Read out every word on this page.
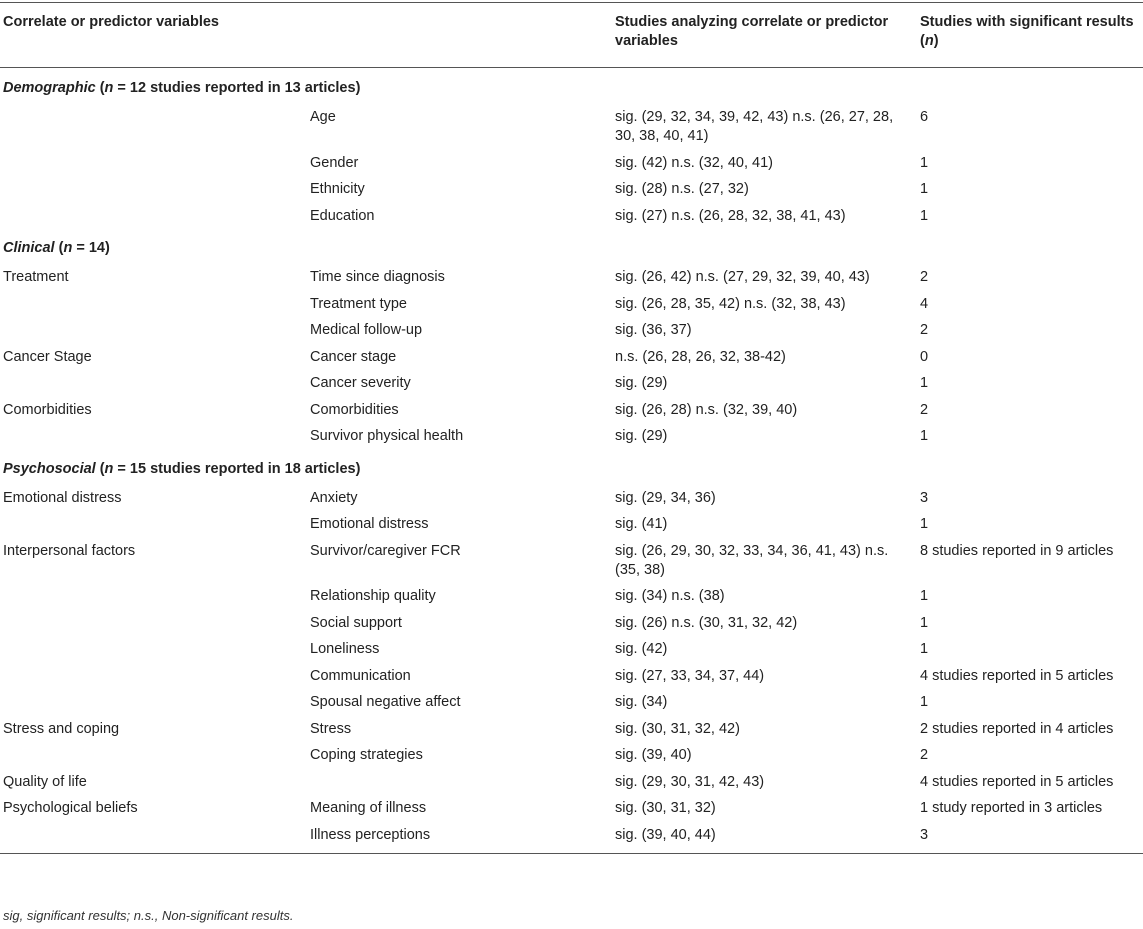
Correlate or predictor variables		Studies analyzing correlate or predictor variables	Studies with significant results (n)
Demographic (n = 12 studies reported in 13 articles)			
	Age	sig. (29, 32, 34, 39, 42, 43) n.s. (26, 27, 28, 30, 38, 40, 41)	6
	Gender	sig. (42) n.s. (32, 40, 41)	1
	Ethnicity	sig. (28) n.s. (27, 32)	1
	Education	sig. (27) n.s. (26, 28, 32, 38, 41, 43)	1
Clinical (n = 14)			
Treatment	Time since diagnosis	sig. (26, 42) n.s. (27, 29, 32, 39, 40, 43)	2
	Treatment type	sig. (26, 28, 35, 42) n.s. (32, 38, 43)	4
	Medical follow-up	sig. (36, 37)	2
Cancer Stage	Cancer stage	n.s. (26, 28, 26, 32, 38-42)	0
	Cancer severity	sig. (29)	1
Comorbidities	Comorbidities	sig. (26, 28) n.s. (32, 39, 40)	2
	Survivor physical health	sig. (29)	1
Psychosocial (n = 15 studies reported in 18 articles)			
Emotional distress	Anxiety	sig. (29, 34, 36)	3
	Emotional distress	sig. (41)	1
Interpersonal factors	Survivor/caregiver FCR	sig. (26, 29, 30, 32, 33, 34, 36, 41, 43) n.s. (35, 38)	8 studies reported in 9 articles
	Relationship quality	sig. (34) n.s. (38)	1
	Social support	sig. (26) n.s. (30, 31, 32, 42)	1
	Loneliness	sig. (42)	1
	Communication	sig. (27, 33, 34, 37, 44)	4 studies reported in 5 articles
	Spousal negative affect	sig. (34)	1
Stress and coping	Stress	sig. (30, 31, 32, 42)	2 studies reported in 4 articles
	Coping strategies	sig. (39, 40)	2
Quality of life		sig. (29, 30, 31, 42, 43)	4 studies reported in 5 articles
Psychological beliefs	Meaning of illness	sig. (30, 31, 32)	1 study reported in 3 articles
	Illness perceptions	sig. (39, 40, 44)	3
sig, significant results; n.s., Non-significant results.
